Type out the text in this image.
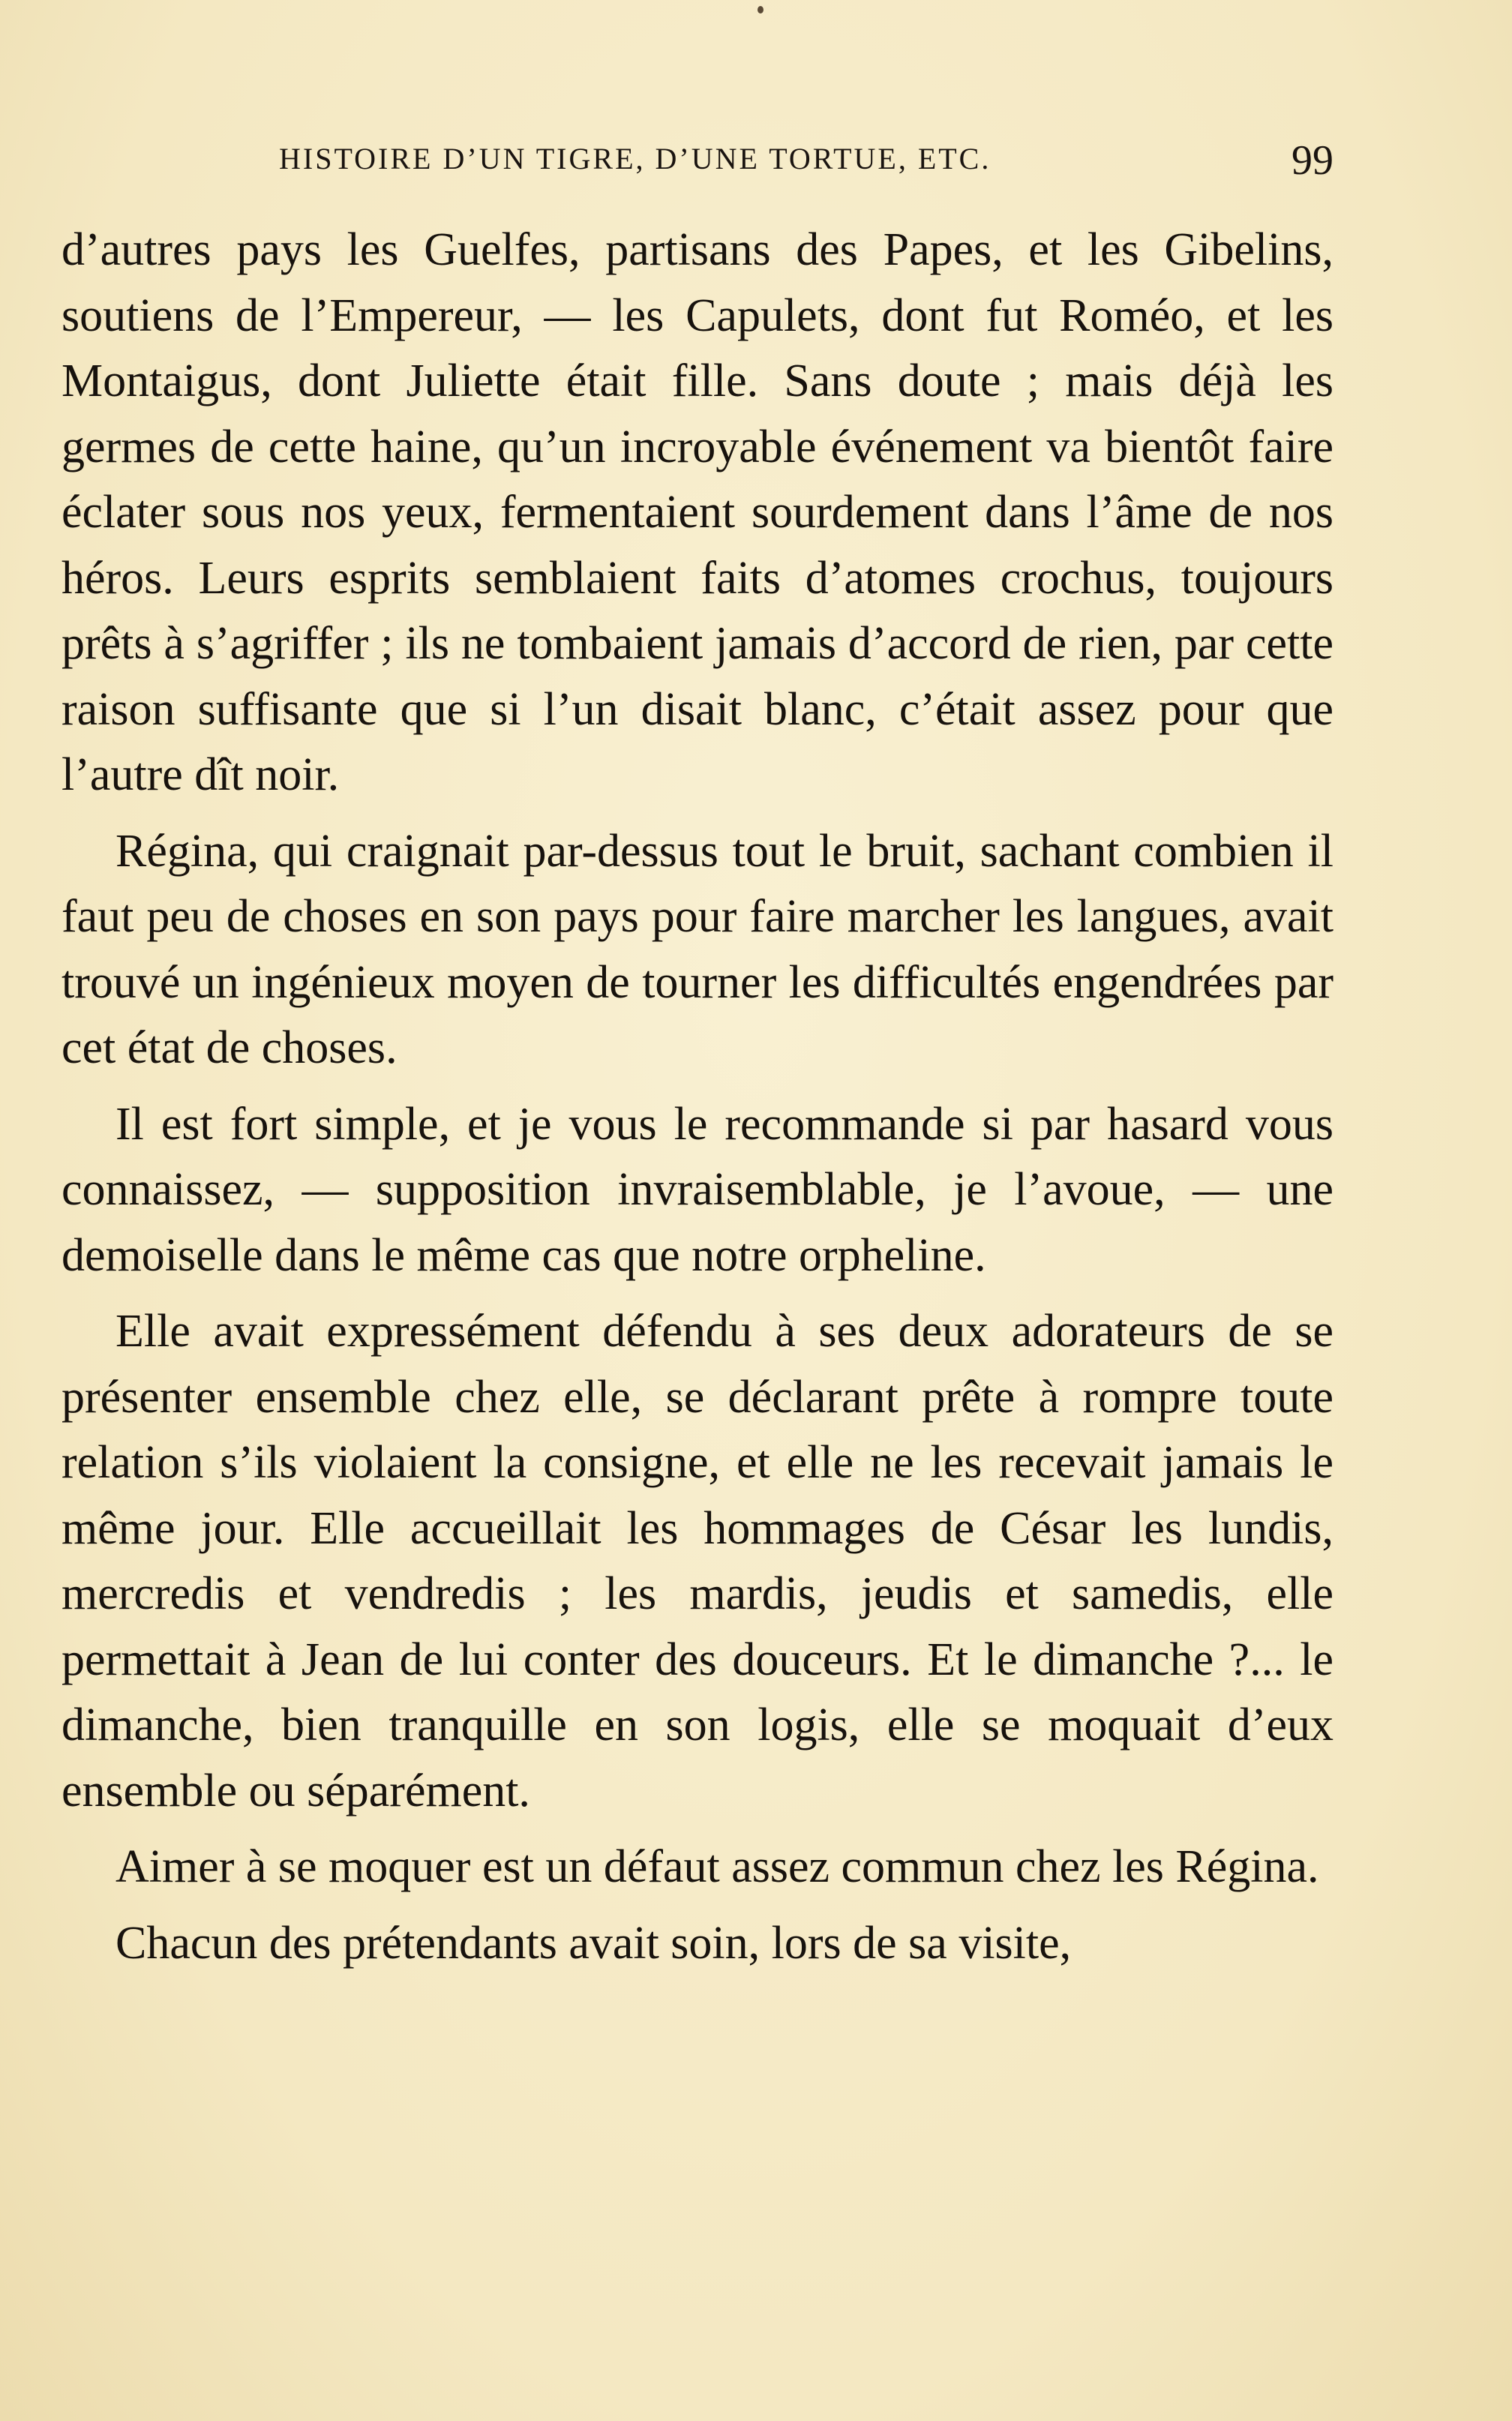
HISTOIRE D’UN TIGRE, D’UNE TORTUE, ETC.	99

d’autres pays les Guelfes, partisans des Papes, et les Gibelins, soutiens de l’Empereur, — les Capulets, dont fut Roméo, et les Montaigus, dont Juliette était fille. Sans doute ; mais déjà les germes de cette haine, qu’un incroyable événement va bientôt faire éclater sous nos yeux, fermentaient sourdement dans l’âme de nos héros. Leurs esprits semblaient faits d’atomes crochus, toujours prêts à s’agriffer ; ils ne tombaient jamais d’accord de rien, par cette raison suffisante que si l’un disait blanc, c’était assez pour que l’autre dît noir.

Régina, qui craignait par-dessus tout le bruit, sachant combien il faut peu de choses en son pays pour faire marcher les langues, avait trouvé un ingénieux moyen de tourner les difficultés engendrées par cet état de choses.

Il est fort simple, et je vous le recommande si par hasard vous connaissez, — supposition invraisemblable, je l’avoue, — une demoiselle dans le même cas que notre orpheline.

Elle avait expressément défendu à ses deux adorateurs de se présenter ensemble chez elle, se déclarant prête à rompre toute relation s’ils violaient la consigne, et elle ne les recevait jamais le même jour. Elle accueillait les hommages de César les lundis, mercredis et vendredis ; les mardis, jeudis et samedis, elle permettait à Jean de lui conter des douceurs. Et le dimanche ?... le dimanche, bien tranquille en son logis, elle se moquait d’eux ensemble ou séparément.

Aimer à se moquer est un défaut assez commun chez les Régina.

Chacun des prétendants avait soin, lors de sa visite,
